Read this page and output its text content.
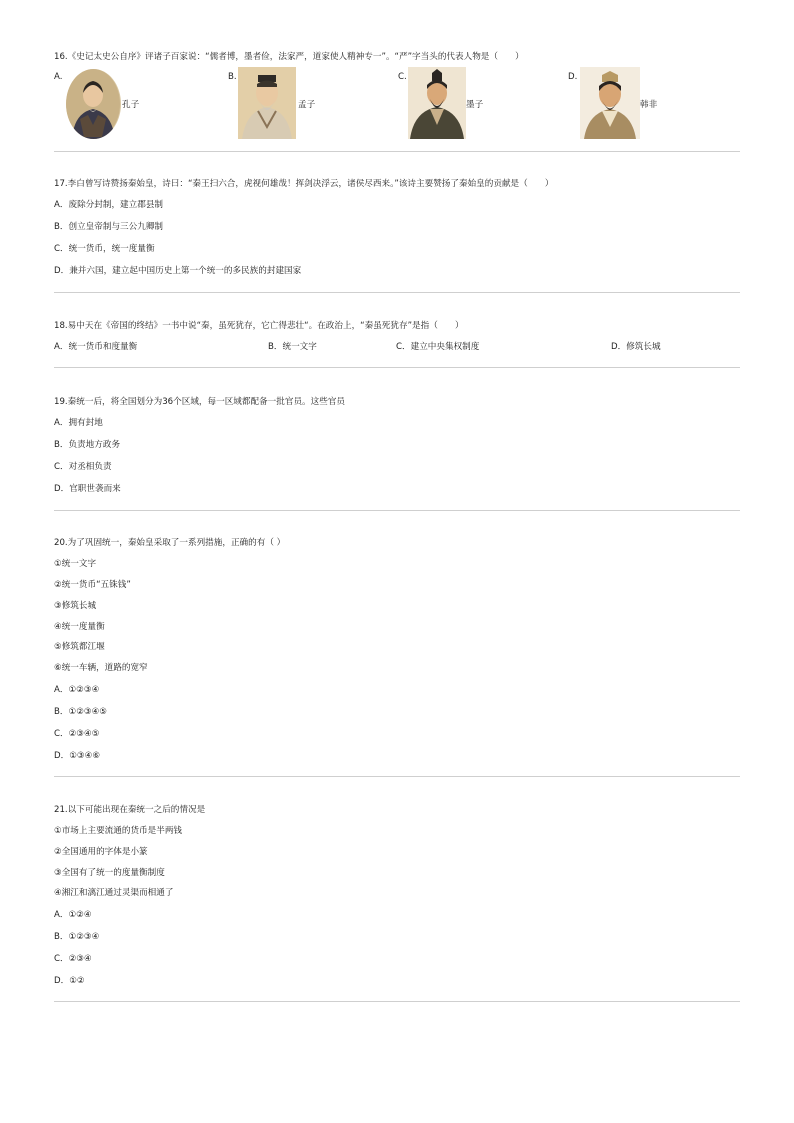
16.《史记太史公自序》评诸子百家说：“儒者博，墨者俭，法家严，道家使人精神专一”。“严”字当头的代表人物是（　　）
A.
孔子
B.
孟子
C.
墨子
D.
韩非
17.李白曾写诗赞扬秦始皇，诗曰：“秦王扫六合，虎视何雄哉！挥剑决浮云，诸侯尽西来。”该诗主要赞扬了秦始皇的贡献是（　　）
A．废除分封制，建立郡县制
B．创立皇帝制与三公九卿制
C．统一货币，统一度量衡
D．兼并六国，建立起中国历史上第一个统一的多民族的封建国家
18.易中天在《帝国的终结》一书中说“秦，虽死犹存，它亡得悲壮“。在政治上，“秦虽死犹存”是指（　　）
A．统一货币和度量衡	B．统一文字	C．建立中央集权制度	D．修筑长城
19.秦统一后，将全国划分为36个区域，每一区域都配备一批官员。这些官员
A．拥有封地
B．负责地方政务
C．对丞相负责
D．官职世袭而来
20.为了巩固统一，秦始皇采取了一系列措施，正确的有（ ）
①统一文字
②统一货币“五铢钱”
③修筑长城
④统一度量衡
⑤修筑都江堰
⑥统一车辆，道路的宽窄
A．①②③④
B．①②③④⑤
C．②③④⑤
D．①③④⑥
21.以下可能出现在秦统一之后的情况是
①市场上主要流通的货币是半两钱
②全国通用的字体是小篆
③全国有了统一的度量衡制度
④湘江和漓江通过灵渠而相通了
A．①②④
B．①②③④
C．②③④
D．①②
